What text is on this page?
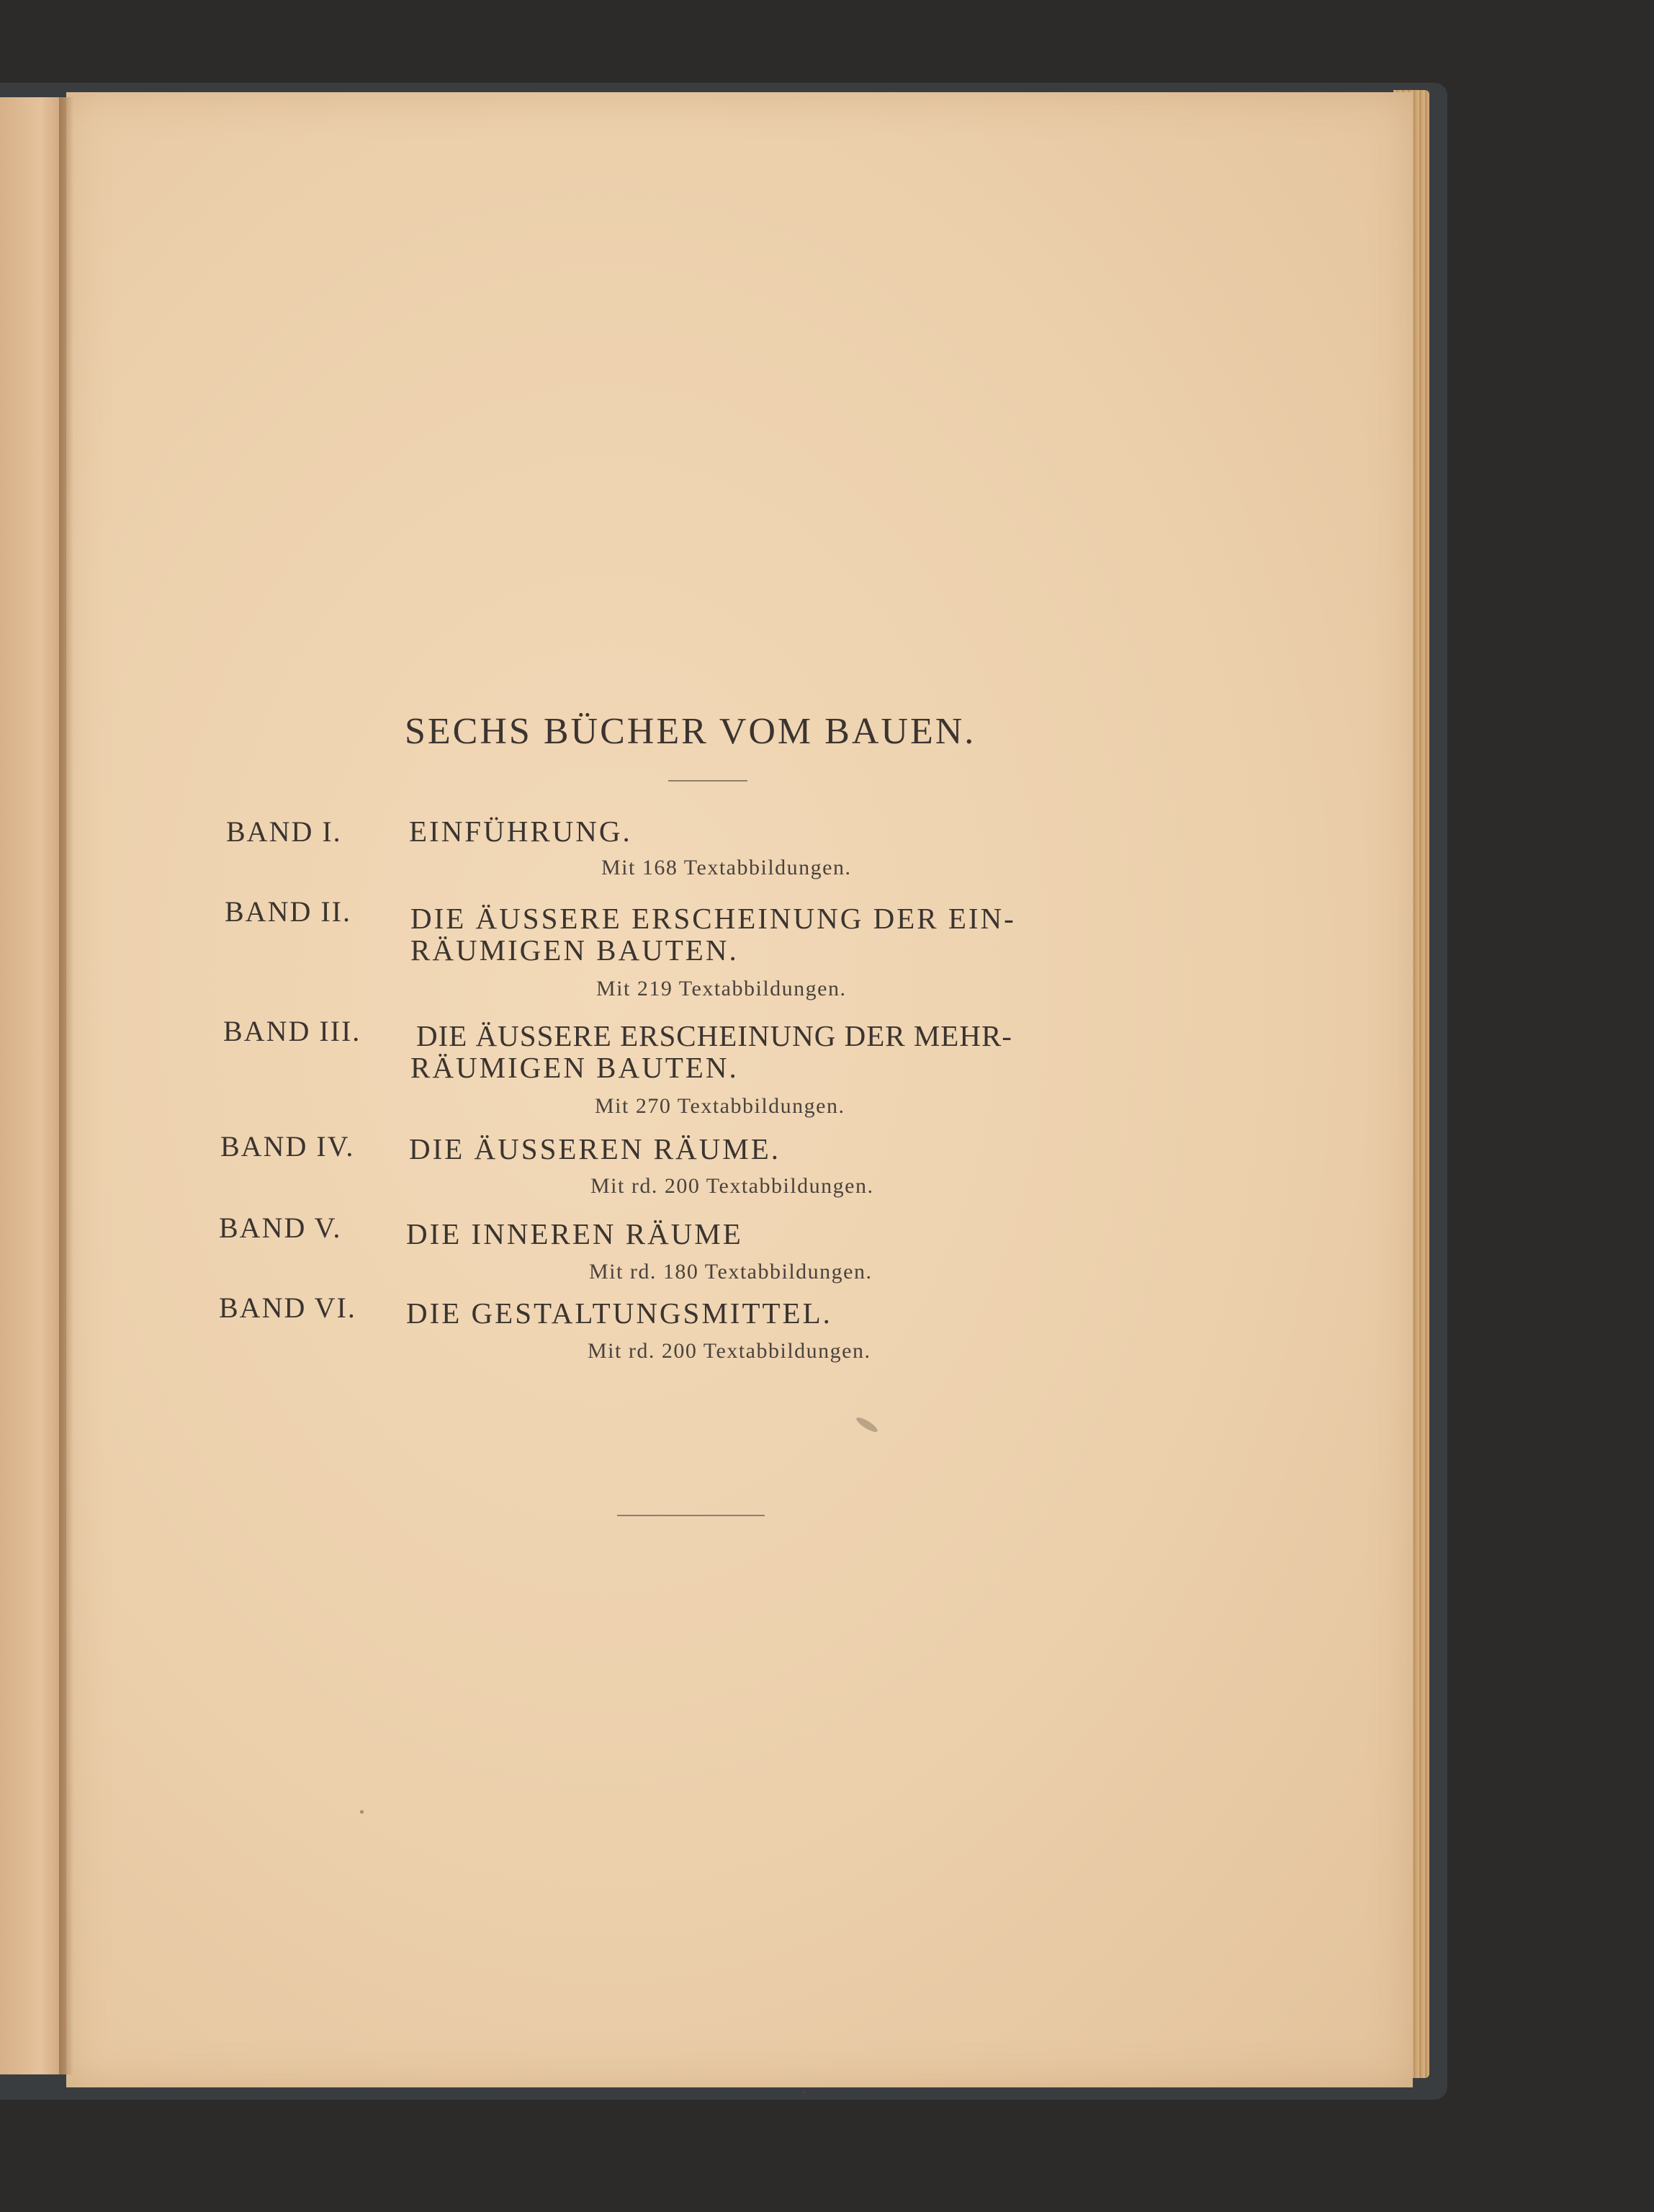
SECHS BÜCHER VOM BAUEN.
BAND I. EINFÜHRUNG.
Mit 168 Textabbildungen.
BAND II. DIE ÄUSSERE ERSCHEINUNG DER EIN-
RÄUMIGEN BAUTEN.
Mit 219 Textabbildungen.
BAND III. DIE ÄUSSERE ERSCHEINUNG DER MEHR-
RÄUMIGEN BAUTEN.
Mit 270 Textabbildungen.
BAND IV. DIE ÄUSSEREN RÄUME.
Mit rd. 200 Textabbildungen.
BAND V. DIE INNEREN RÄUME
Mit rd. 180 Textabbildungen.
BAND VI. DIE GESTALTUNGSMITTEL.
Mit rd. 200 Textabbildungen.
